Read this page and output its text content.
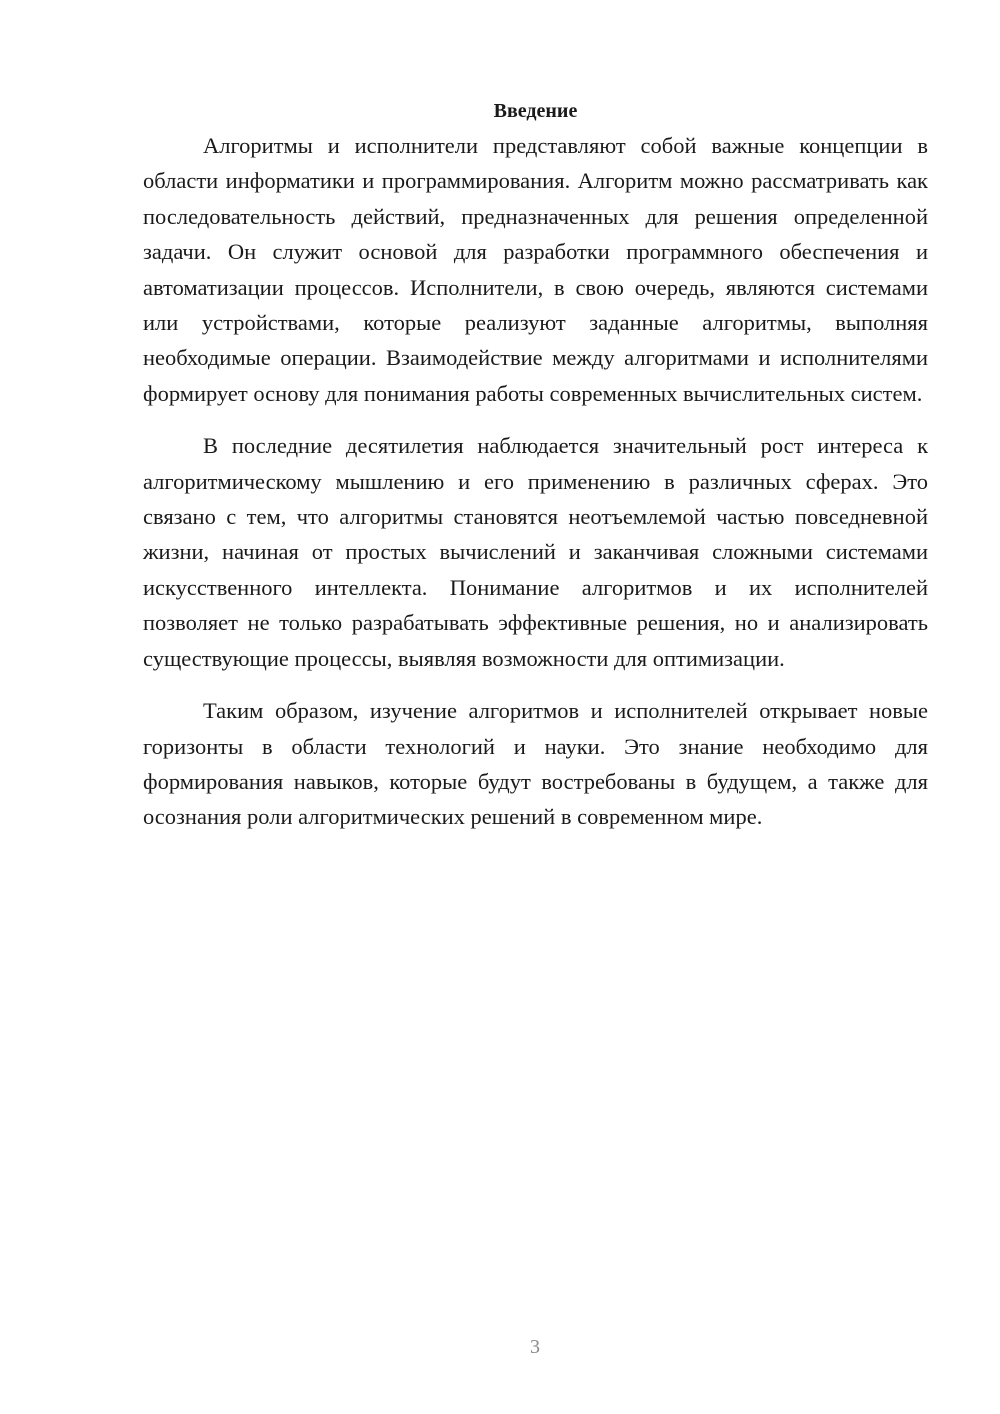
Введение

Алгоритмы и исполнители представляют собой важные концепции в области информатики и программирования. Алгоритм можно рассматривать как последовательность действий, предназначенных для решения определенной задачи. Он служит основой для разработки программного обеспечения и автоматизации процессов. Исполнители, в свою очередь, являются системами или устройствами, которые реализуют заданные алгоритмы, выполняя необходимые операции. Взаимодействие между алгоритмами и исполнителями формирует основу для понимания работы современных вычислительных систем.

В последние десятилетия наблюдается значительный рост интереса к алгоритмическому мышлению и его применению в различных сферах. Это связано с тем, что алгоритмы становятся неотъемлемой частью повседневной жизни, начиная от простых вычислений и заканчивая сложными системами искусственного интеллекта. Понимание алгоритмов и их исполнителей позволяет не только разрабатывать эффективные решения, но и анализировать существующие процессы, выявляя возможности для оптимизации.

Таким образом, изучение алгоритмов и исполнителей открывает новые горизонты в области технологий и науки. Это знание необходимо для формирования навыков, которые будут востребованы в будущем, а также для осознания роли алгоритмических решений в современном мире.

3
